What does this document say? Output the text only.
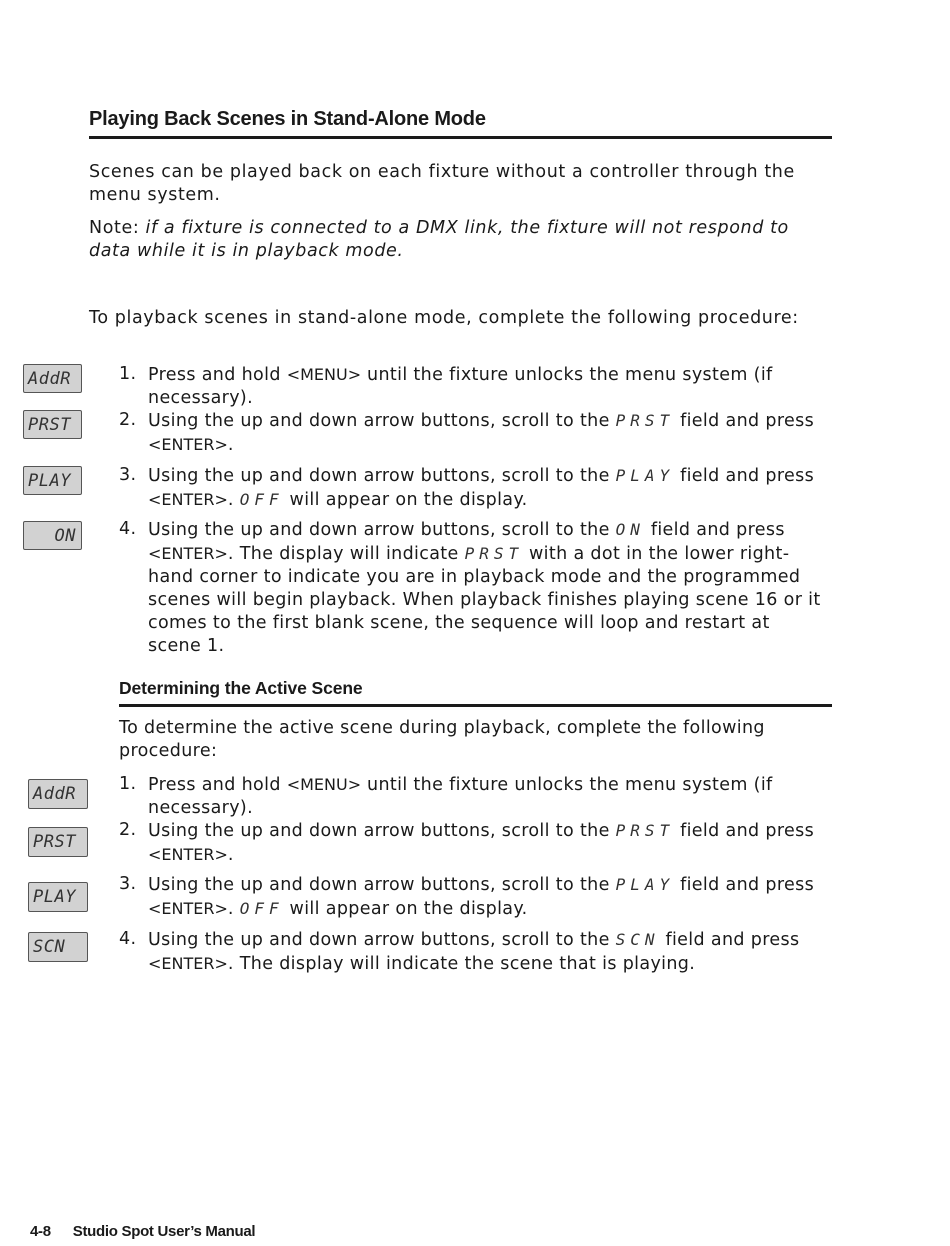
Playing Back Scenes in Stand-Alone Mode
Scenes can be played back on each fixture without a controller through the menu system.
Note: if a fixture is connected to a DMX link, the fixture will not respond to data while it is in playback mode.
To playback scenes in stand-alone mode, complete the following procedure:
AddR
PRST
PLAY
ON
1. Press and hold <MENU> until the fixture unlocks the menu system (if necessary).
2. Using the up and down arrow buttons, scroll to the PRST field and press <ENTER>.
3. Using the up and down arrow buttons, scroll to the PLAY field and press <ENTER>. OFF will appear on the display.
4. Using the up and down arrow buttons, scroll to the ON field and press <ENTER>. The display will indicate PRST with a dot in the lower right-hand corner to indicate you are in playback mode and the programmed scenes will begin playback. When playback finishes playing scene 16 or it comes to the first blank scene, the sequence will loop and restart at scene 1.
Determining the Active Scene
To determine the active scene during playback, complete the following procedure:
AddR
PRST
PLAY
SCN
1. Press and hold <MENU> until the fixture unlocks the menu system (if necessary).
2. Using the up and down arrow buttons, scroll to the PRST field and press <ENTER>.
3. Using the up and down arrow buttons, scroll to the PLAY field and press <ENTER>. OFF will appear on the display.
4. Using the up and down arrow buttons, scroll to the SCN field and press <ENTER>. The display will indicate the scene that is playing.
4-8 Studio Spot User’s Manual
